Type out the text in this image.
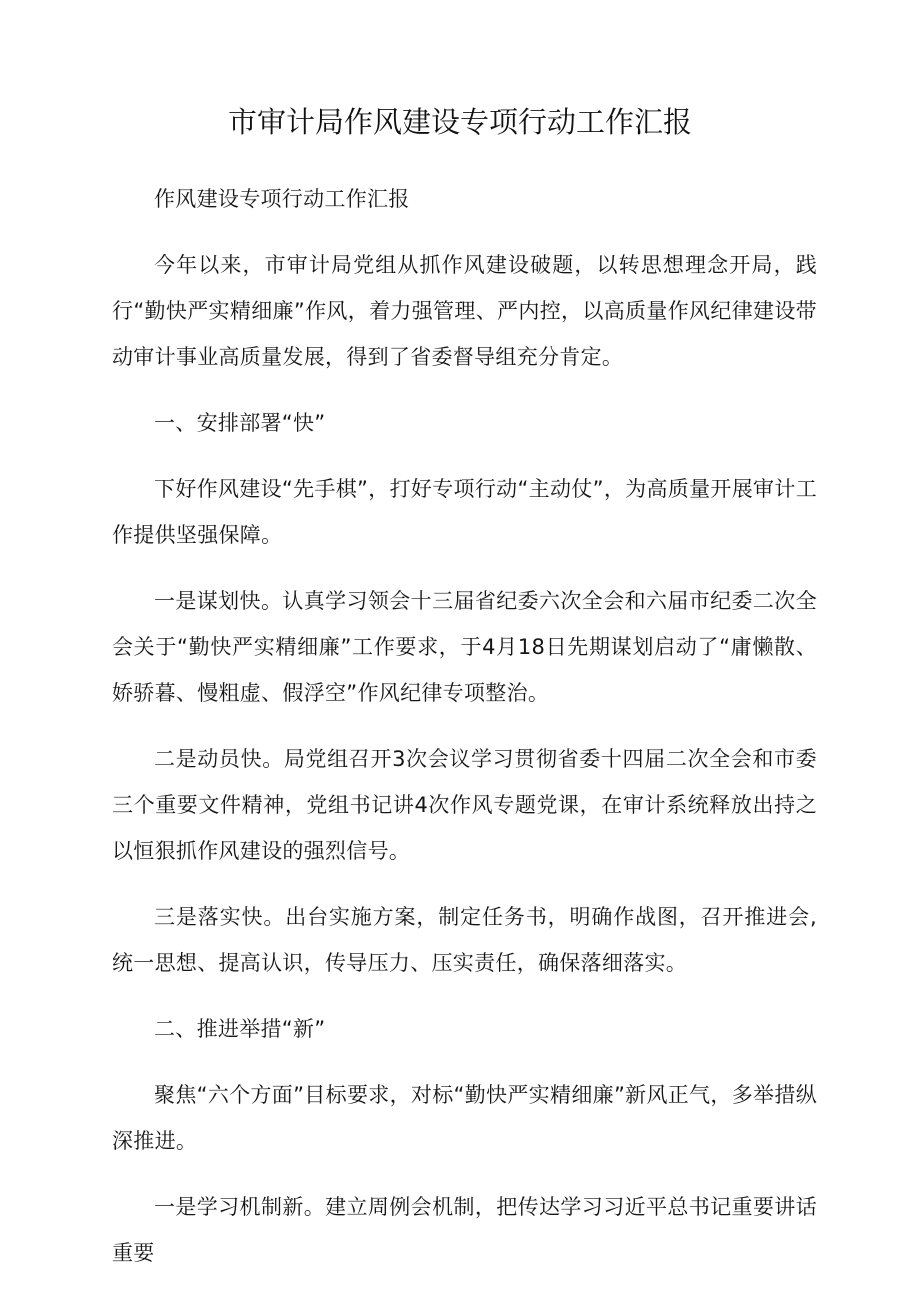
市审计局作风建设专项行动工作汇报

作风建设专项行动工作汇报

今年以来，市审计局党组从抓作风建设破题，以转思想理念开局，践行“勤快严实精细廉”作风，着力强管理、严内控，以高质量作风纪律建设带动审计事业高质量发展，得到了省委督导组充分肯定。

一、安排部署“快”

下好作风建设“先手棋”，打好专项行动“主动仗”，为高质量开展审计工作提供坚强保障。

一是谋划快。认真学习领会十三届省纪委六次全会和六届市纪委二次全会关于“勤快严实精细廉”工作要求，于4月18日先期谋划启动了“庸懒散、娇骄暮、慢粗虚、假浮空”作风纪律专项整治。

二是动员快。局党组召开3次会议学习贯彻省委十四届二次全会和市委三个重要文件精神，党组书记讲4次作风专题党课，在审计系统释放出持之以恒狠抓作风建设的强烈信号。

三是落实快。出台实施方案，制定任务书，明确作战图，召开推进会,统一思想、提高认识，传导压力、压实责任，确保落细落实。

二、推进举措“新”

聚焦“六个方面”目标要求，对标“勤快严实精细廉”新风正气，多举措纵深推进。

一是学习机制新。建立周例会机制，把传达学习习近平总书记重要讲话重要
